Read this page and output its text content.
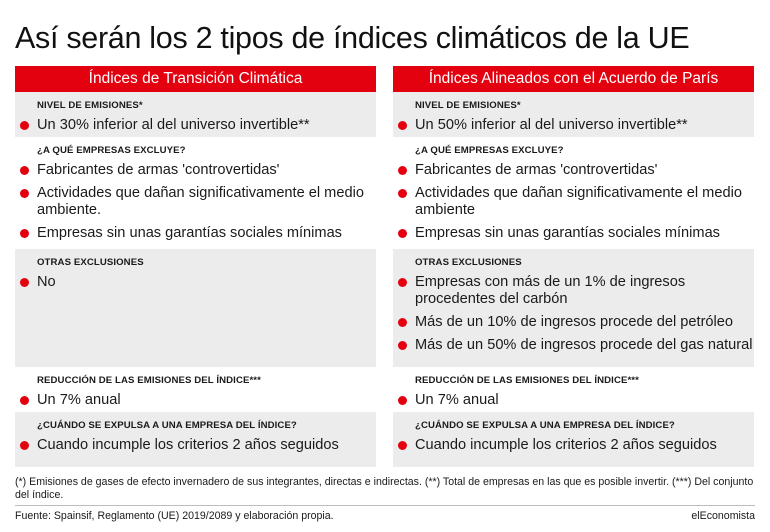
Así serán los 2 tipos de índices climáticos de la UE
Índices de Transición Climática
NIVEL DE EMISIONES*
Un 30% inferior al del universo invertible**
¿A QUÉ EMPRESAS EXCLUYE?
Fabricantes de armas 'controvertidas'
Actividades que dañan significativamente el medio ambiente.
Empresas sin unas garantías sociales mínimas
OTRAS EXCLUSIONES
No
REDUCCIÓN DE LAS EMISIONES DEL ÍNDICE***
Un 7% anual
¿CUÁNDO SE EXPULSA A UNA EMPRESA DEL ÍNDICE?
Cuando incumple los criterios 2 años seguidos
Índices Alineados con el Acuerdo de París
NIVEL DE EMISIONES*
Un 50% inferior al del universo invertible**
¿A QUÉ EMPRESAS EXCLUYE?
Fabricantes de armas 'controvertidas'
Actividades que dañan significativamente el medio ambiente
Empresas sin unas garantías sociales mínimas
OTRAS EXCLUSIONES
Empresas con más de un 1% de ingresos procedentes del carbón
Más de un 10% de ingresos procede del petróleo
Más de un 50% de ingresos procede del gas natural
REDUCCIÓN DE LAS EMISIONES DEL ÍNDICE***
Un 7% anual
¿CUÁNDO SE EXPULSA A UNA EMPRESA DEL ÍNDICE?
Cuando incumple los criterios 2 años seguidos
(*) Emisiones de gases de efecto invernadero de sus integrantes, directas e indirectas. (**) Total de empresas en las que es posible invertir. (***) Del conjunto del índice.
Fuente: Spainsif, Reglamento (UE) 2019/2089 y elaboración propia.	elEconomista
